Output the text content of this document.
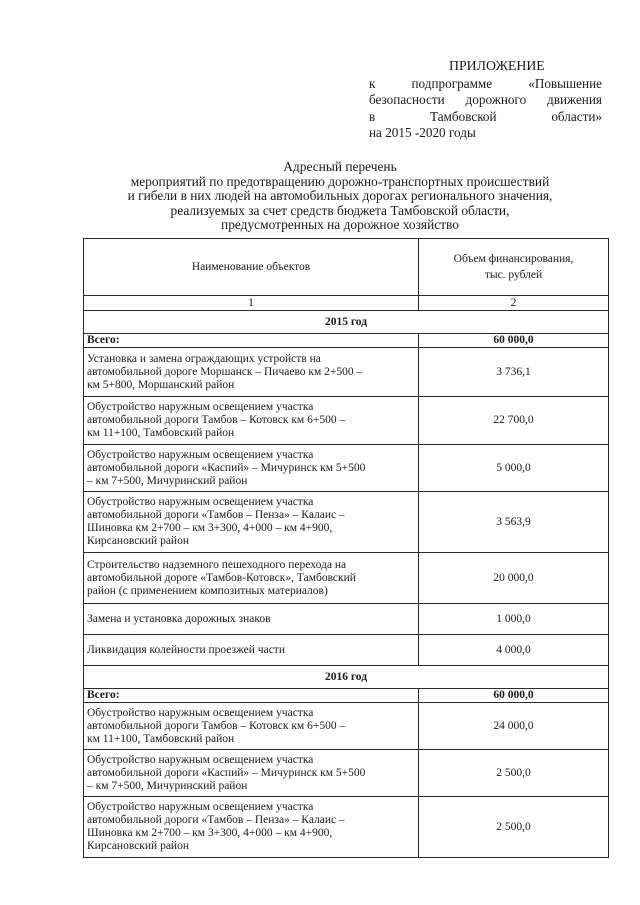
ПРИЛОЖЕНИЕ
к подпрограмме «Повышение
безопасности дорожного движения
в Тамбовской области»
на 2015 -2020 годы
Адресный перечень
мероприятий по предотвращению дорожно-транспортных происшествий
и гибели в них людей на автомобильных дорогах регионального значения,
реализуемых за счет средств бюджета Тамбовской области,
предусмотренных на дорожное хозяйство
Наименование объектов	Объем финансирования,
тыс. рублей

1	2
2015 год	
Всего:	60 000,0

Установка и замена ограждающих устройств на
автомобильной дороге Моршанск – Пичаево км 2+500 –
км 5+800, Моршанский район	3 736,1

Обустройство наружным освещением участка
автомобильной дороги Тамбов – Котовск км 6+500 –
км 11+100, Тамбовский район	22 700,0

Обустройство наружным освещением участка
автомобильной дороги «Каспий» – Мичуринск км 5+500
– км 7+500, Мичуринский район	5 000,0

Обустройство наружным освещением участка
автомобильной дороги «Тамбов – Пенза» – Калаис –
Шиновка км 2+700 – км 3+300, 4+000 – км 4+900,
Кирсановский район	3 563,9

Строительство надземного пешеходного перехода на
автомобильной дороге «Тамбов-Котовск», Тамбовский
район (с применением композитных материалов)	20 000,0

Замена и установка дорожных знаков	1 000,0

Ликвидация колейности проезжей части	4 000,0
2016 год	
Всего:	60 000,0

Обустройство наружным освещением участка
автомобильной дороги Тамбов – Котовск км 6+500 –
км 11+100, Тамбовский район	24 000,0

Обустройство наружным освещением участка
автомобильной дороги «Каспий» – Мичуринск км 5+500
– км 7+500, Мичуринский район	2 500,0

Обустройство наружным освещением участка
автомобильной дороги «Тамбов – Пенза» – Калаис –
Шиновка км 2+700 – км 3+300, 4+000 – км 4+900,
Кирсановский район	2 500,0
